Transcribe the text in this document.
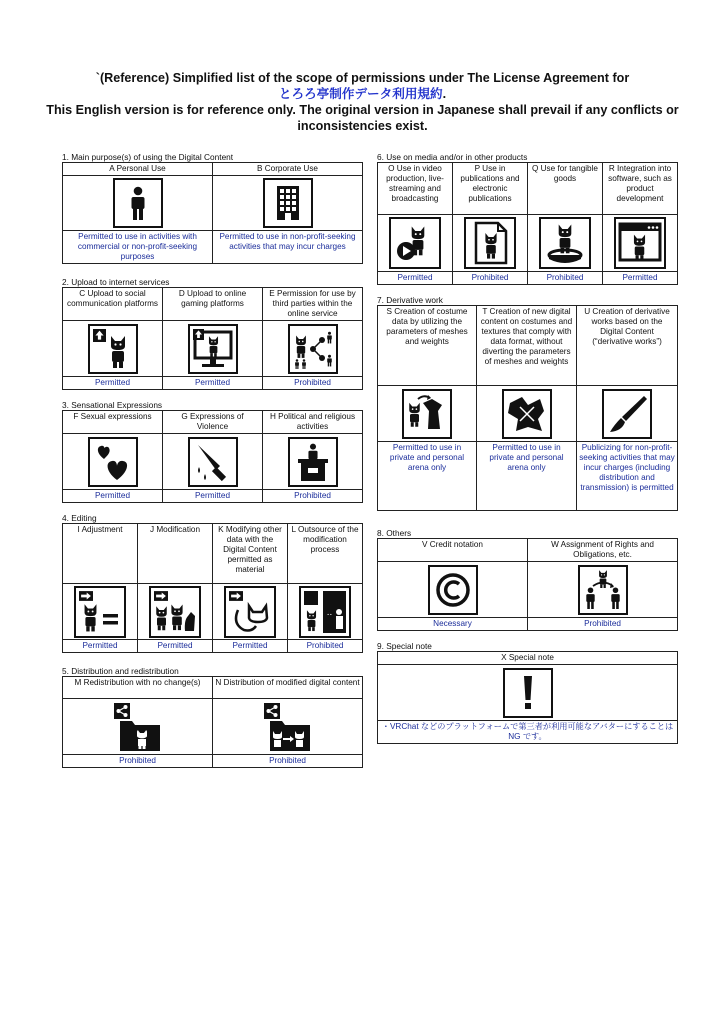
`(Reference) Simplified list of the scope of permissions under The License Agreement for
とろろ亭制作データ利用規約.
This English version is for reference only. The original version in Japanese shall prevail if any conflicts or
inconsistencies exist.
1. Main purpose(s) of using the Digital Content
A Personal Use	B Corporate Use

Permitted to use in activities with commercial or non-profit-seeking purposes	Permitted to use in non-profit-seeking activities that may incur charges
2. Upload to internet services
C Upload to social communication platforms	D Upload to online gaming platforms	E Permission for use by third parties within the online service

Permitted	Permitted	Prohibited
3. Sensational Expressions
F Sexual expressions	G Expressions of Violence	H Political and religious activities

Permitted	Permitted	Prohibited
4. Editing
I Adjustment	J Modification	K Modifying other data with the Digital Content permitted as material	L Outsource of the modification process

Permitted	Permitted	Permitted	Prohibited
5. Distribution and redistribution
M Redistribution with no change(s)	N Distribution of modified digital content

Prohibited	Prohibited
6. Use on media and/or in other products
O Use in video production, live-streaming and broadcasting	P Use in publications and electronic publications	Q Use for tangible goods	R Integration into software, such as product development

Permitted	Prohibited	Prohibited	Permitted
7. Derivative work
S Creation of costume data by utilizing the parameters of meshes and weights	T Creation of new digital content on costumes and textures that comply with data format, without diverting the parameters of meshes and weights	U Creation of derivative works based on the Digital Content (“derivative works”)

Permitted to use in private and personal arena only	Permitted to use in private and personal arena only	Publicizing for non-profit-seeking activities that may incur charges (including distribution and transmission) is permitted
8. Others
V Credit notation	W Assignment of Rights and Obligations, etc.

Necessary	Prohibited
9. Special note
X Special note

・VRChat などのプラットフォームで第三者が利用可能なアバターにすることは NG です。
